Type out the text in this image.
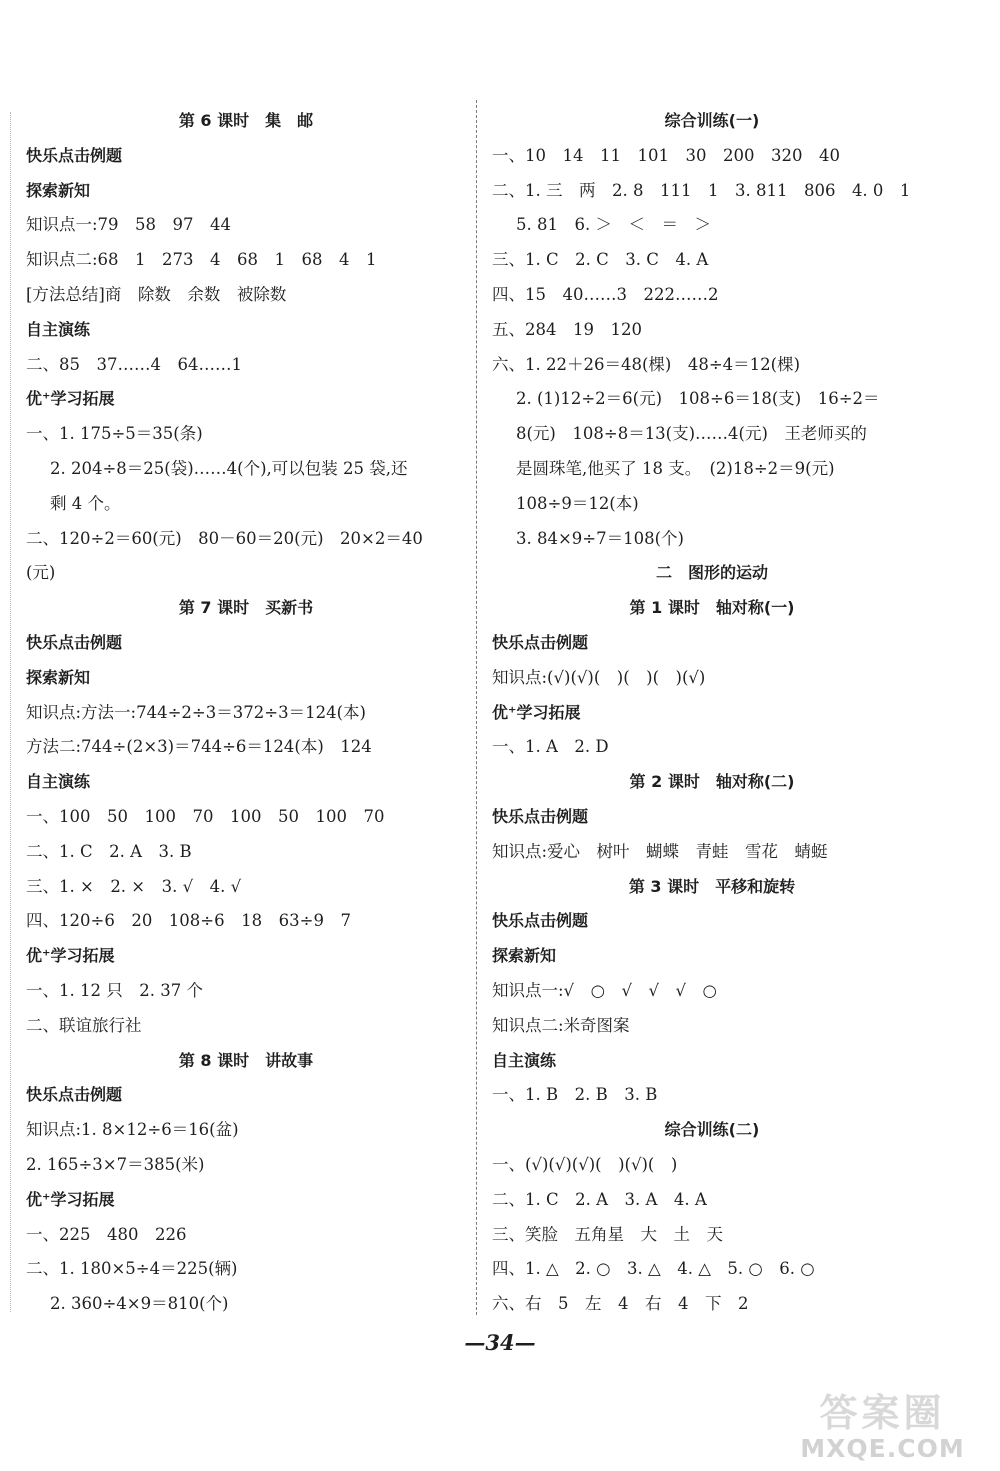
第 6 课时　集　邮
快乐点击例题
探索新知
知识点一:79　58　97　44
知识点二:68　1　273　4　68　1　68　4　1
[方法总结]商　除数　余数　被除数
自主演练
二、85　37……4　64……1
优⁺学习拓展
一、1. 175÷5＝35(条)
2. 204÷8＝25(袋)……4(个),可以包装 25 袋,还
剩 4 个。
二、120÷2＝60(元)　80－60＝20(元)　20×2＝40
(元)
第 7 课时　买新书
快乐点击例题
探索新知
知识点:方法一:744÷2÷3＝372÷3＝124(本)
方法二:744÷(2×3)＝744÷6＝124(本)　124
自主演练
一、100　50　100　70　100　50　100　70
二、1. C　2. A　3. B
三、1. ×　2. ×　3. √　4. √
四、120÷6　20　108÷6　18　63÷9　7
优⁺学习拓展
一、1. 12 只　2. 37 个
二、联谊旅行社
第 8 课时　讲故事
快乐点击例题
知识点:1. 8×12÷6＝16(盆)
2. 165÷3×7＝385(米)
优⁺学习拓展
一、225　480　226
二、1. 180×5÷4＝225(辆)
2. 360÷4×9＝810(个)
综合训练(一)
一、10　14　11　101　30　200　320　40
二、1. 三　两　2. 8　111　1　3. 811　806　4. 0　1
5. 81　6. ＞　＜　＝　＞
三、1. C　2. C　3. C　4. A
四、15　40……3　222……2
五、284　19　120
六、1. 22＋26＝48(棵)　48÷4＝12(棵)
2. (1)12÷2＝6(元)　108÷6＝18(支)　16÷2＝
8(元)　108÷8＝13(支)……4(元)　王老师买的
是圆珠笔,他买了 18 支。　(2)18÷2＝9(元)
108÷9＝12(本)
3. 84×9÷7＝108(个)
二　图形的运动
第 1 课时　轴对称(一)
快乐点击例题
知识点:(√)(√)(　)(　)(　)(√)
优⁺学习拓展
一、1. A　2. D
第 2 课时　轴对称(二)
快乐点击例题
知识点:爱心　树叶　蝴蝶　青蛙　雪花　蜻蜓
第 3 课时　平移和旋转
快乐点击例题
探索新知
知识点一:√　○　√　√　√　○
知识点二:米奇图案
自主演练
一、1. B　2. B　3. B
综合训练(二)
一、(√)(√)(√)(　)(√)(　)
二、1. C　2. A　3. A　4. A
三、笑脸　五角星　大　土　天
四、1. △　2. ○　3. △　4. △　5. ○　6. ○
六、右　5　左　4　右　4　下　2
—34—
答案圈
MXQE.COM
